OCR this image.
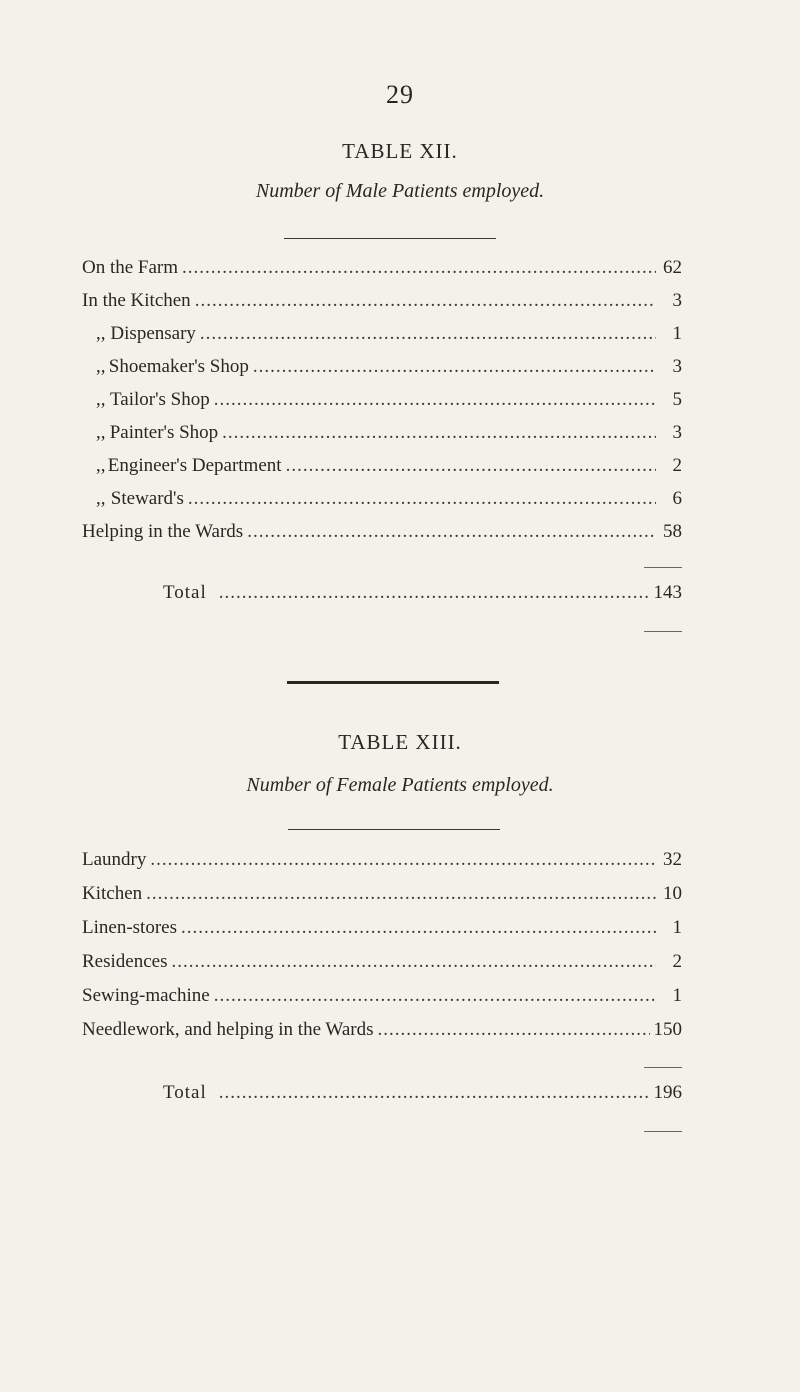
29
TABLE XII.
Number of Male Patients employed.
On the Farm .....	62
In the Kitchen .....	3
,, Dispensary .....	1
,, Shoemaker's Shop .....	3
,, Tailor's Shop .....	5
,, Painter's Shop .....	3
,, Engineer's Department .....	2
,, Steward's .....	6
Helping in the Wards .....	58
Total .....	143
TABLE XIII.
Number of Female Patients employed.
Laundry .....	32
Kitchen .....	10
Linen-stores .....	1
Residences .....	2
Sewing-machine .....	1
Needlework, and helping in the Wards .....	150
Total .....	196
